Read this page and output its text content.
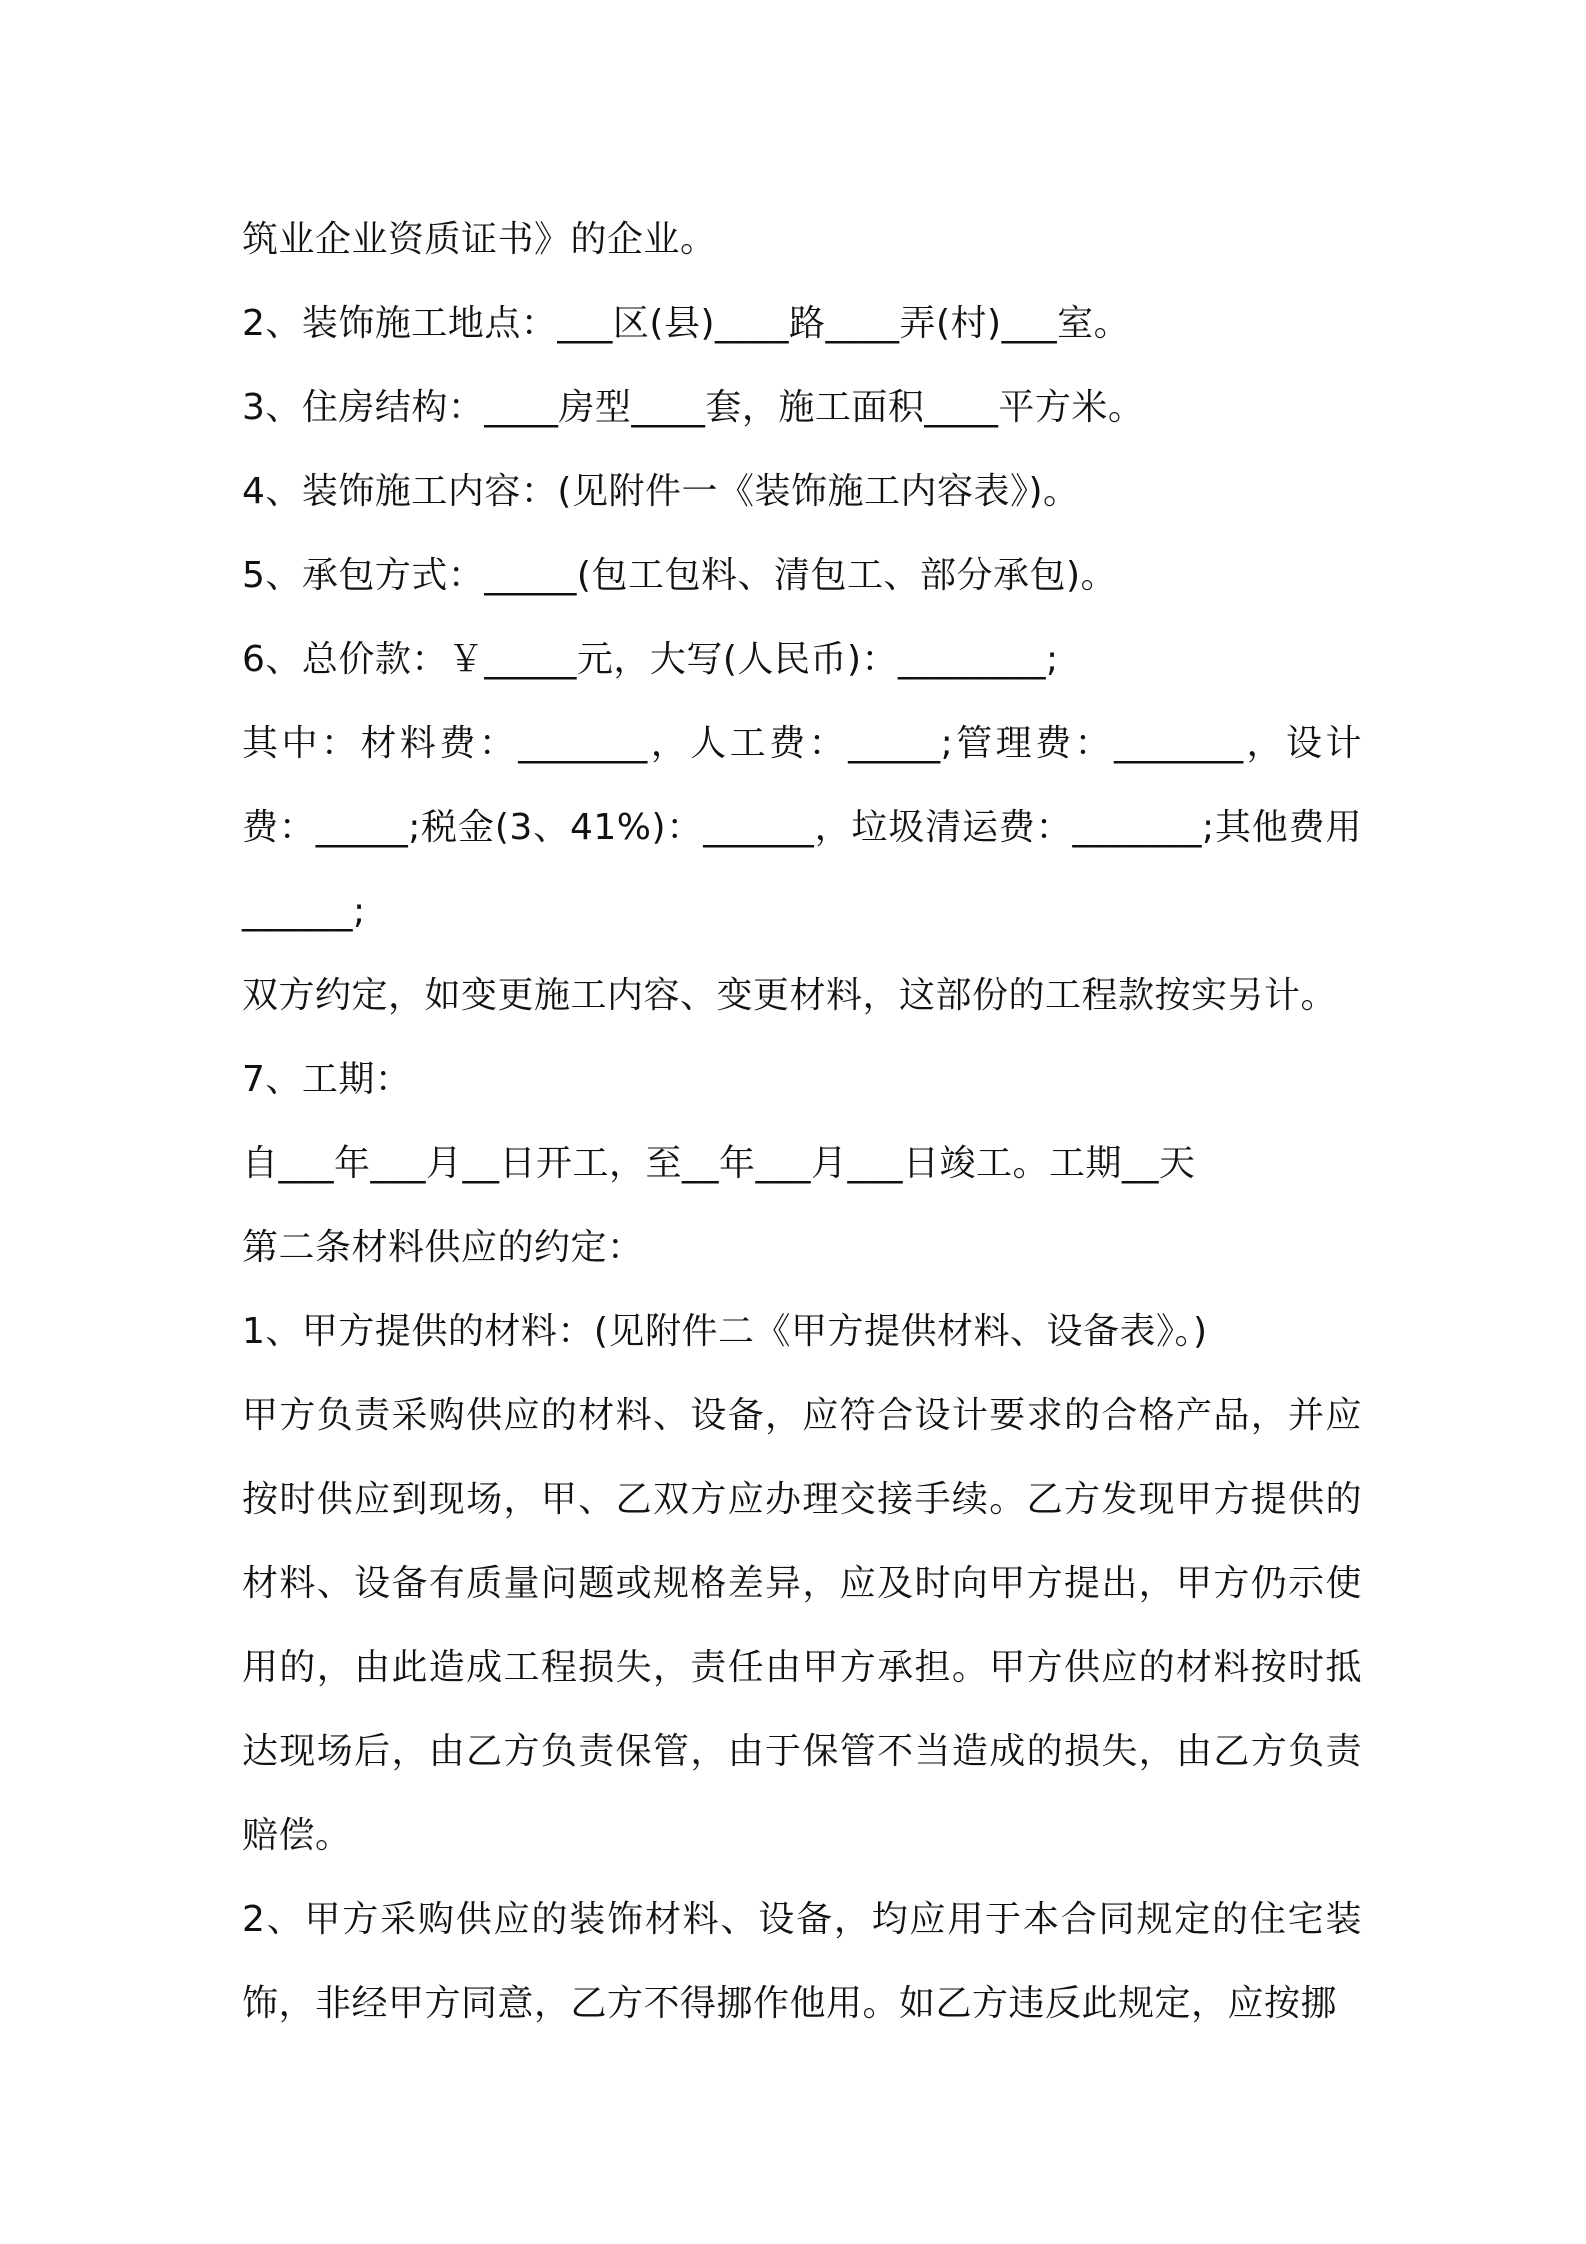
筑业企业资质证书》的企业。
2、装饰施工地点：___区(县)____路____弄(村)___室。
3、住房结构：____房型____套，施工面积____平方米。
4、装饰施工内容：(见附件一《装饰施工内容表》)。
5、承包方式：_____(包工包料、清包工、部分承包)。
6、总价款：￥_____元，大写(人民币)：________;
其中：材料费：_______，人工费：_____;管理费：_______，设计费：_____;税金(3、41%)：______，垃圾清运费：_______;其他费用______;
双方约定，如变更施工内容、变更材料，这部份的工程款按实另计。
7、工期：
自___年___月__日开工，至__年___月___日竣工。工期__天
第二条材料供应的约定：
1、甲方提供的材料：(见附件二《甲方提供材料、设备表》。)
甲方负责采购供应的材料、设备，应符合设计要求的合格产品，并应按时供应到现场，甲、乙双方应办理交接手续。乙方发现甲方提供的材料、设备有质量问题或规格差异，应及时向甲方提出，甲方仍示使用的，由此造成工程损失，责任由甲方承担。甲方供应的材料按时抵达现场后，由乙方负责保管，由于保管不当造成的损失，由乙方负责赔偿。
2、甲方采购供应的装饰材料、设备，均应用于本合同规定的住宅装饰，非经甲方同意，乙方不得挪作他用。如乙方违反此规定，应按挪
